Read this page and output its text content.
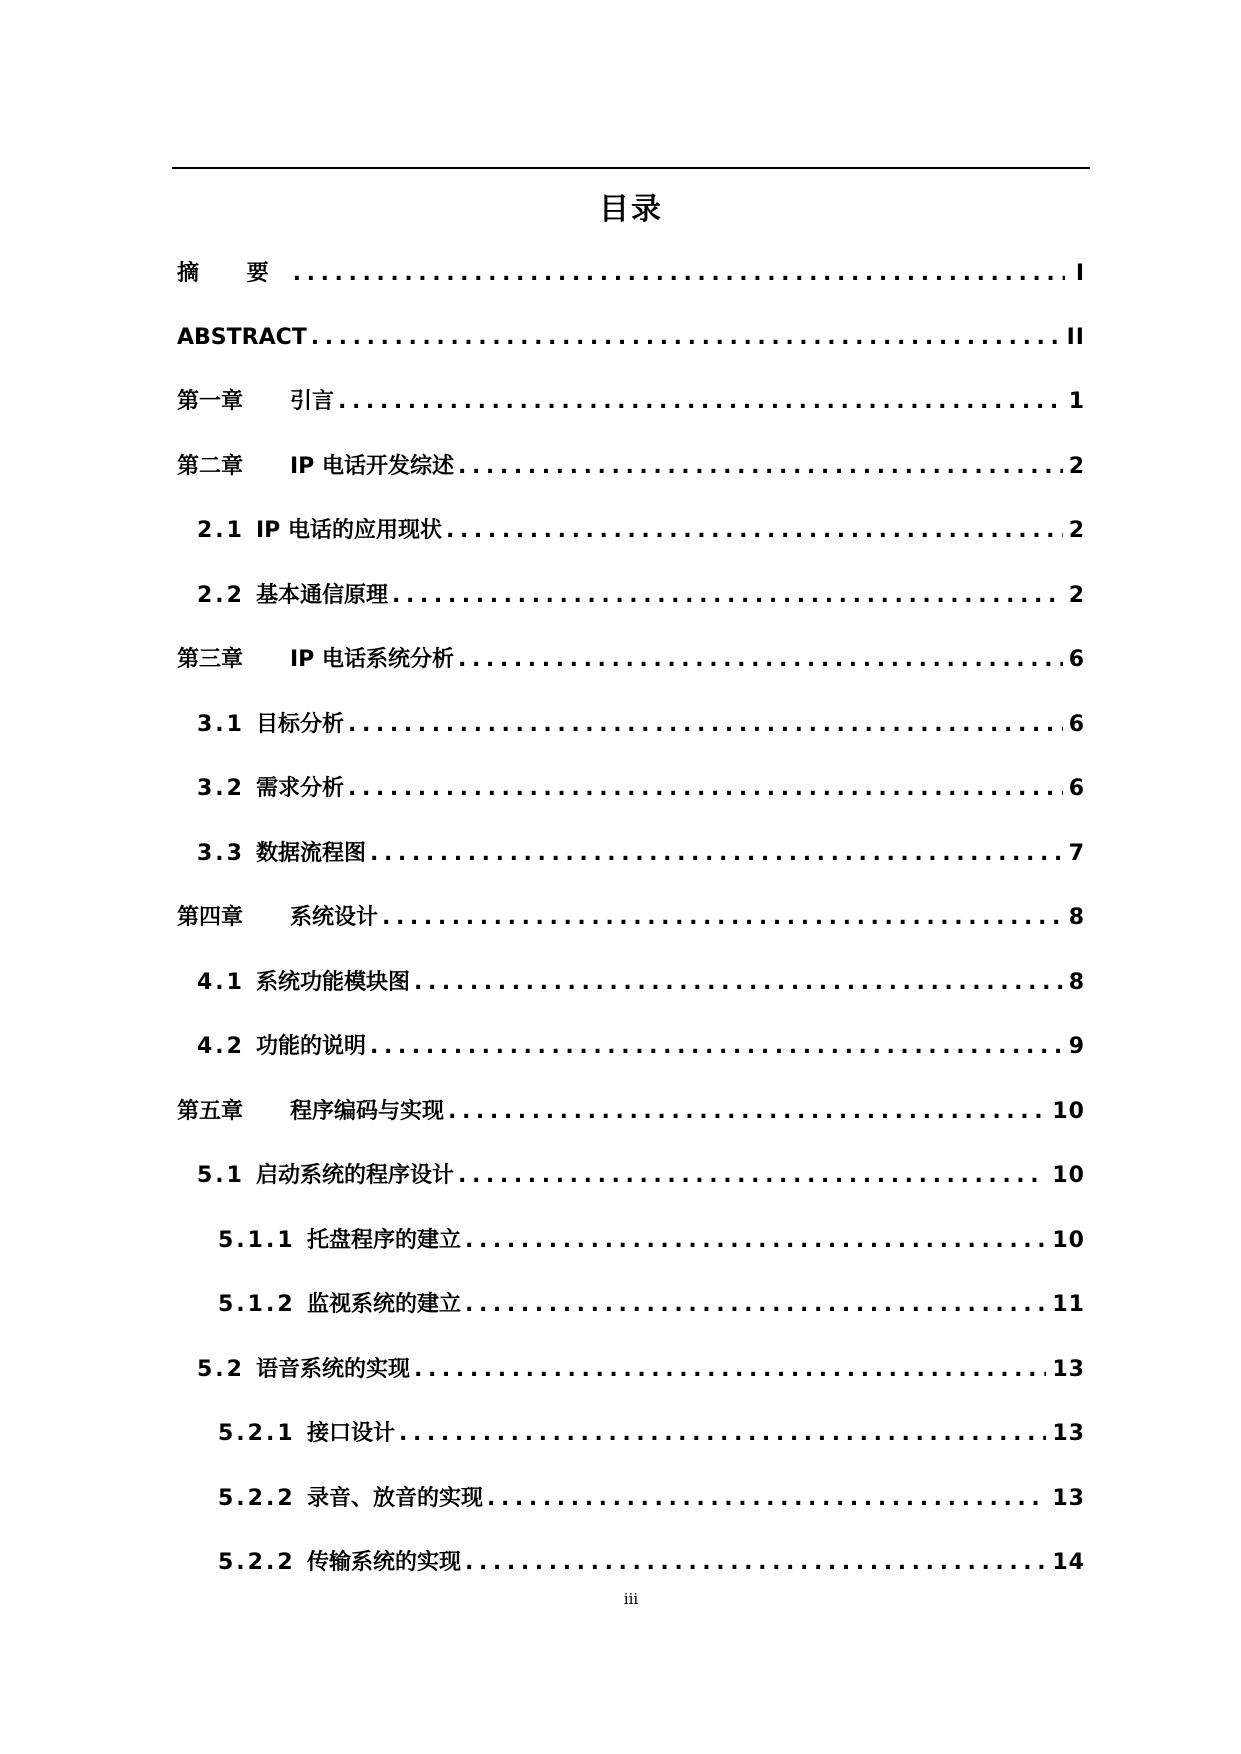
目录
摘 要 .....	I
ABSTRACT .....	II
第一章	引言 .....	1
第二章	IP 电话开发综述 .....	2
2.1 IP 电话的应用现状 .....	2
2.2 基本通信原理 .....	2
第三章	IP 电话系统分析 .....	6
3.1 目标分析 .....	6
3.2 需求分析 .....	6
3.3 数据流程图 .....	7
第四章	系统设计 .....	8
4.1 系统功能模块图 .....	8
4.2 功能的说明 .....	9
第五章	程序编码与实现 .....	10
5.1 启动系统的程序设计 .....	10
5.1.1 托盘程序的建立 .....	10
5.1.2 监视系统的建立 .....	11
5.2 语音系统的实现 .....	13
5.2.1 接口设计 .....	13
5.2.2 录音、放音的实现 .....	13
5.2.2 传输系统的实现 .....	14
iii
